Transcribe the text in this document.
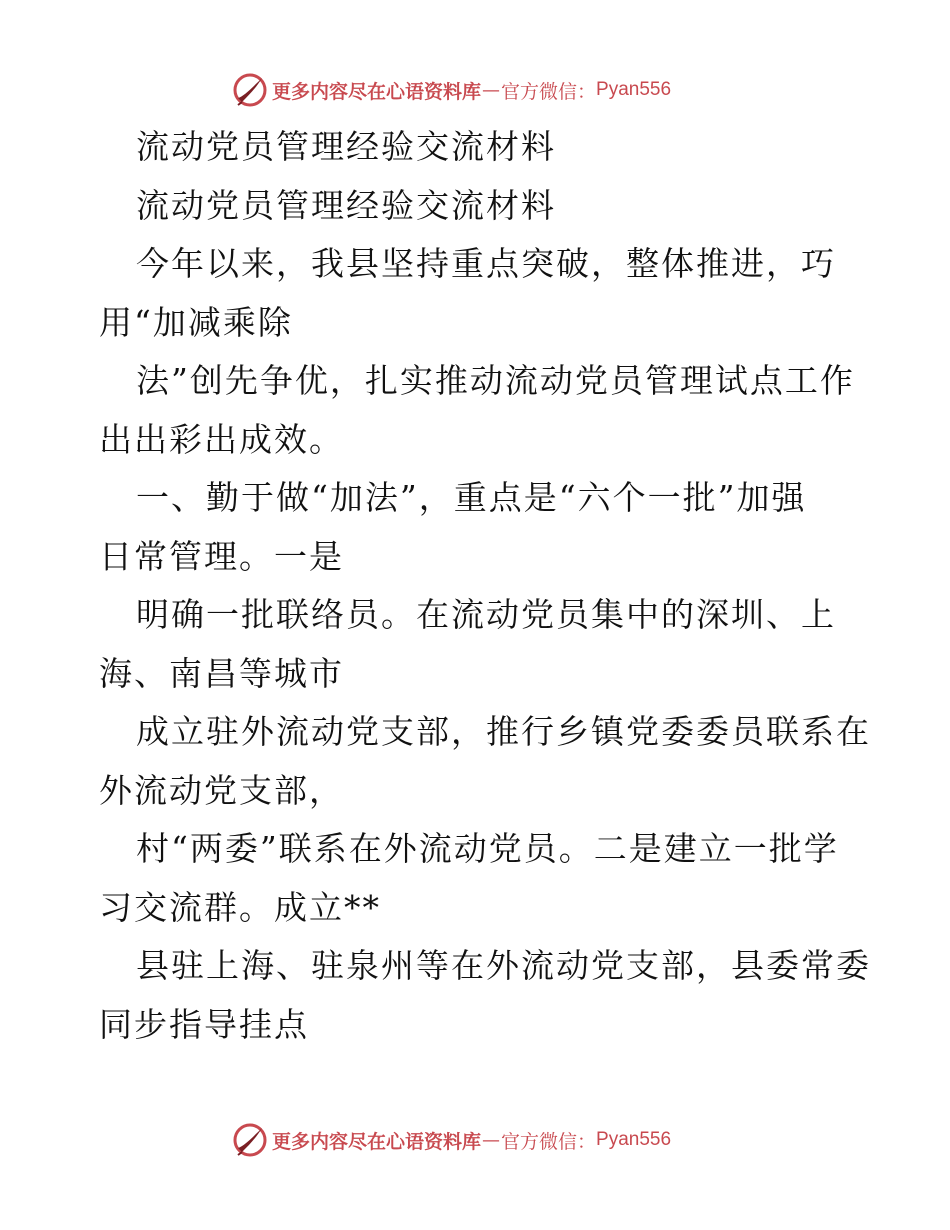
更多内容尽在心语资料库 — 官方微信： Pyan556
流动党员管理经验交流材料
流动党员管理经验交流材料
今年以来，我县坚持重点突破，整体推进，巧
用“加减乘除
法”创先争优，扎实推动流动党员管理试点工作
出出彩出成效。
一、勤于做“加法”，重点是“六个一批”加强
日常管理。一是
明确一批联络员。在流动党员集中的深圳、上
海、南昌等城市
成立驻外流动党支部，推行乡镇党委委员联系在
外流动党支部，
村“两委”联系在外流动党员。二是建立一批学
习交流群。成立**
县驻上海、驻泉州等在外流动党支部，县委常委
同步指导挂点
更多内容尽在心语资料库 — 官方微信： Pyan556
